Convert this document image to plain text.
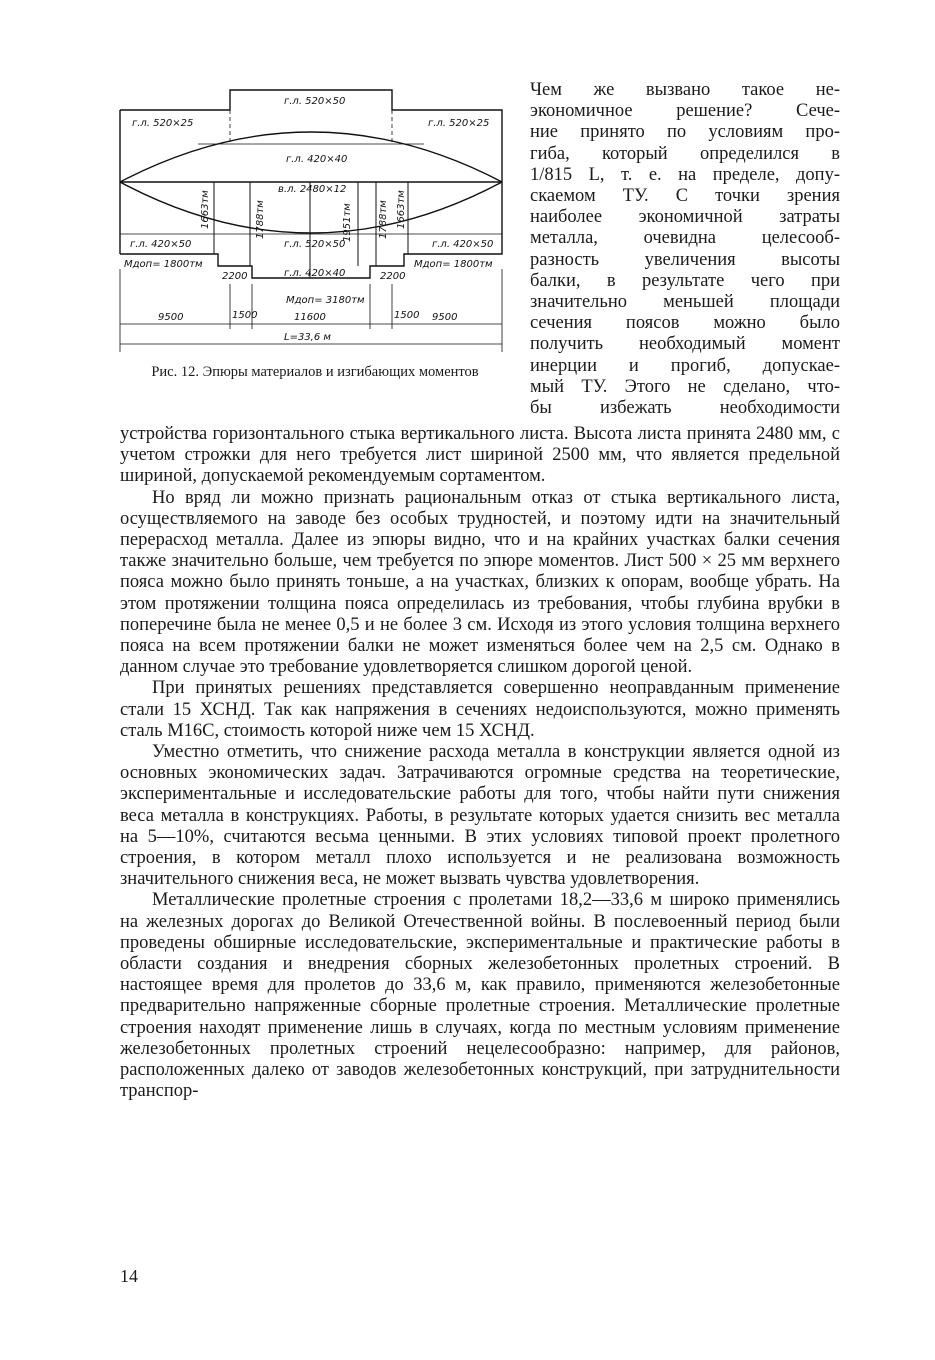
г.л. 520×50
г.л. 520×25	г.л. 520×25
г.л. 420×40
в.л. 2480×12
г.л. 420×50	г.л. 520×50	г.л. 420×50
Mдоп= 1800тм	Mдоп= 1800тм
г.л. 420×40
Mдоп= 3180тм
2200	2200
9500	1500	11600	1500 9500
L=33,6 м
1663тм	1788тм	1951тм	1788тм 1663тм
Рис. 12. Эпюры материалов и изгибающих моментов

Чем же вызвано такое не-

экономичное решение? Сече-

ние принято по условиям про-

гиба, который определился в

1/815 L, т. е. на пределе, допу-

скаемом ТУ. С точки зрения

наиболее экономичной затраты

металла, очевидна целесооб-

разность увеличения высоты

балки, в результате чего при

значительно меньшей площади

сечения поясов можно было

получить необходимый момент

инерции и прогиб, допускае-

мый ТУ. Этого не сделано, что-

бы избежать необходимости

устройства горизонтального стыка вертикального листа. Высота листа принята 2480 мм, с учетом строжки для него требуется лист шириной 2500 мм, что является предельной шириной, допускаемой рекомендуемым сортаментом.

Но вряд ли можно признать рациональным отказ от стыка вертикального листа, осуществляемого на заводе без особых трудностей, и поэтому идти на значительный перерасход металла. Далее из эпюры видно, что и на крайних участках балки сечения также значительно больше, чем требуется по эпюре моментов. Лист 500 × 25 мм верхнего пояса можно было принять тоньше, а на участках, близких к опорам, вообще убрать. На этом протяжении толщина пояса определилась из требования, чтобы глубина врубки в поперечине была не менее 0,5 и не более 3 см. Исходя из этого условия толщина верхнего пояса на всем протяжении балки не может изменяться более чем на 2,5 см. Однако в данном случае это требование удовлетворяется слишком дорогой ценой.

При принятых решениях представляется совершенно неоправданным применение стали 15 ХСНД. Так как напряжения в сечениях недоиспользуются, можно применять сталь М16С, стоимость которой ниже чем 15 ХСНД.

Уместно отметить, что снижение расхода металла в конструкции является одной из основных экономических задач. Затрачиваются огромные средства на теоретические, экспериментальные и исследовательские работы для того, чтобы найти пути снижения веса металла в конструкциях. Работы, в результате которых удается снизить вес металла на 5—10%, считаются весьма ценными. В этих условиях типовой проект пролетного строения, в котором металл плохо используется и не реализована возможность значительного снижения веса, не может вызвать чувства удовлетворения.

Металлические пролетные строения с пролетами 18,2—33,6 м широко применялись на железных дорогах до Великой Отечественной войны. В послевоенный период были проведены обширные исследовательские, экспериментальные и практические работы в области создания и внедрения сборных железобетонных пролетных строений. В настоящее время для пролетов до 33,6 м, как правило, применяются железобетонные предварительно напряженные сборные пролетные строения. Металлические пролетные строения находят применение лишь в случаях, когда по местным условиям применение железобетонных пролетных строений нецелесообразно: например, для районов, расположенных далеко от заводов железобетонных конструкций, при затруднительности транспор-

14
